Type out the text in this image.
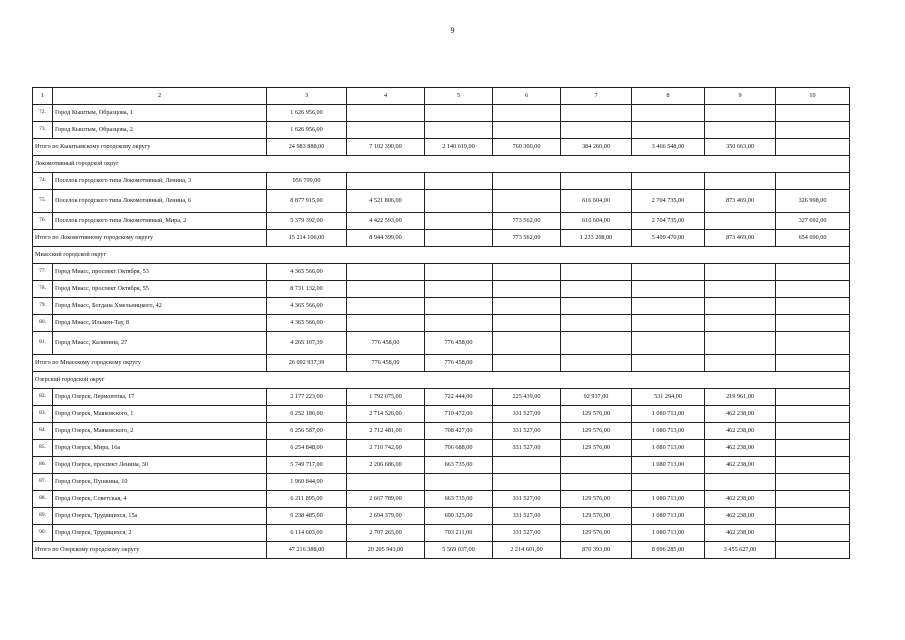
9
1	2	3	4	5	6	7	8	9	10
72.	Город Кыштым, Образцова, 1	1 626 956,00							
73.	Город Кыштым, Образцова, 2	1 626 956,00							
Итого по Кыштымскому городскому округу		24 983 888,00	7 102 390,00	2 140 619,00	760 300,00	384 260,00	3 466 548,00	350 663,00	
Локомотивный городской округ									
74.	Поселок городского типа Локомотивный, Ленина, 3	956 799,00							
75.	Поселок городского типа Локомотивный, Ленина, 6	8 877 915,00	4 521 806,00			616 604,00	2 704 735,00	873 469,00	326 998,00
76.	Поселок городского типа Локомотивный, Мира, 2	5 379 392,00	4 422 593,00		773 562,00	616 604,00	2 704 735,00		327 692,00
Итого по Локомотивному городскому округу		15 214 106,00	8 944 399,00		773 562,00	1 233 208,00	5 409 470,00	873 469,00	654 690,00
Миасский городской округ									
77.	Город Миасс, проспект Октября, 53	4 365 566,00							
78.	Город Миасс, проспект Октября, 55	8 731 132,00							
79.	Город Миасс, Богдана Хмельницкого, 42	4 365 566,00							
80.	Город Миасс, Ильмен-Тау, 8	4 365 566,00							
81.	Город Миасс, Калинина, 27	4 265 107,39	776 458,00	776 458,00					
Итого по Миасскому городскому округу		26 092 937,39	776 458,00	776 458,00					
Озерский городской округ									
82.	Город Озерск, Лермонтова, 17	2 177 223,00	1 792 075,00	722 444,00	225 439,00	92 937,00	531 294,00	219 961,00	
83.	Город Озерск, Маяковского, 1	6 252 186,00	2 714 526,00	710 472,00	331 527,00	129 576,00	1 080 713,00	462 238,00	
84.	Город Озерск, Маяковского, 2	6 256 587,00	2 712 481,00	708 427,00	331 527,00	129 576,00	1 080 713,00	462 238,00	
85.	Город Озерск, Мира, 16а	6 254 848,00	2 710 742,00	706 688,00	331 527,00	129 576,00	1 080 713,00	462 238,00	
86.	Город Озерск, проспект Ленина, 30	5 749 717,00	2 206 686,00	663 735,00			1 080 713,00	462 238,00	
87.	Город Озерск, Пушкина, 10	1 960 844,00							
88.	Город Озерск, Советская, 4	6 211 895,00	2 667 789,00	663 735,00	331 527,00	129 576,00	1 080 713,00	462 238,00	
89.	Город Озерск, Трудящихся, 15а	6 238 485,00	2 694 379,00	690 325,00	331 527,00	129 576,00	1 080 713,00	462 238,00	
90.	Город Озерск, Трудящихся, 2	6 114 603,00	2 707 265,00	703 211,00	331 527,00	129 576,00	1 080 713,00	462 238,00	
Итого по Озерскому городскому округу		47 216 388,00	20 205 943,00	5 569 037,00	2 214 601,00	870 393,00	8 096 285,00	3 455 627,00	
